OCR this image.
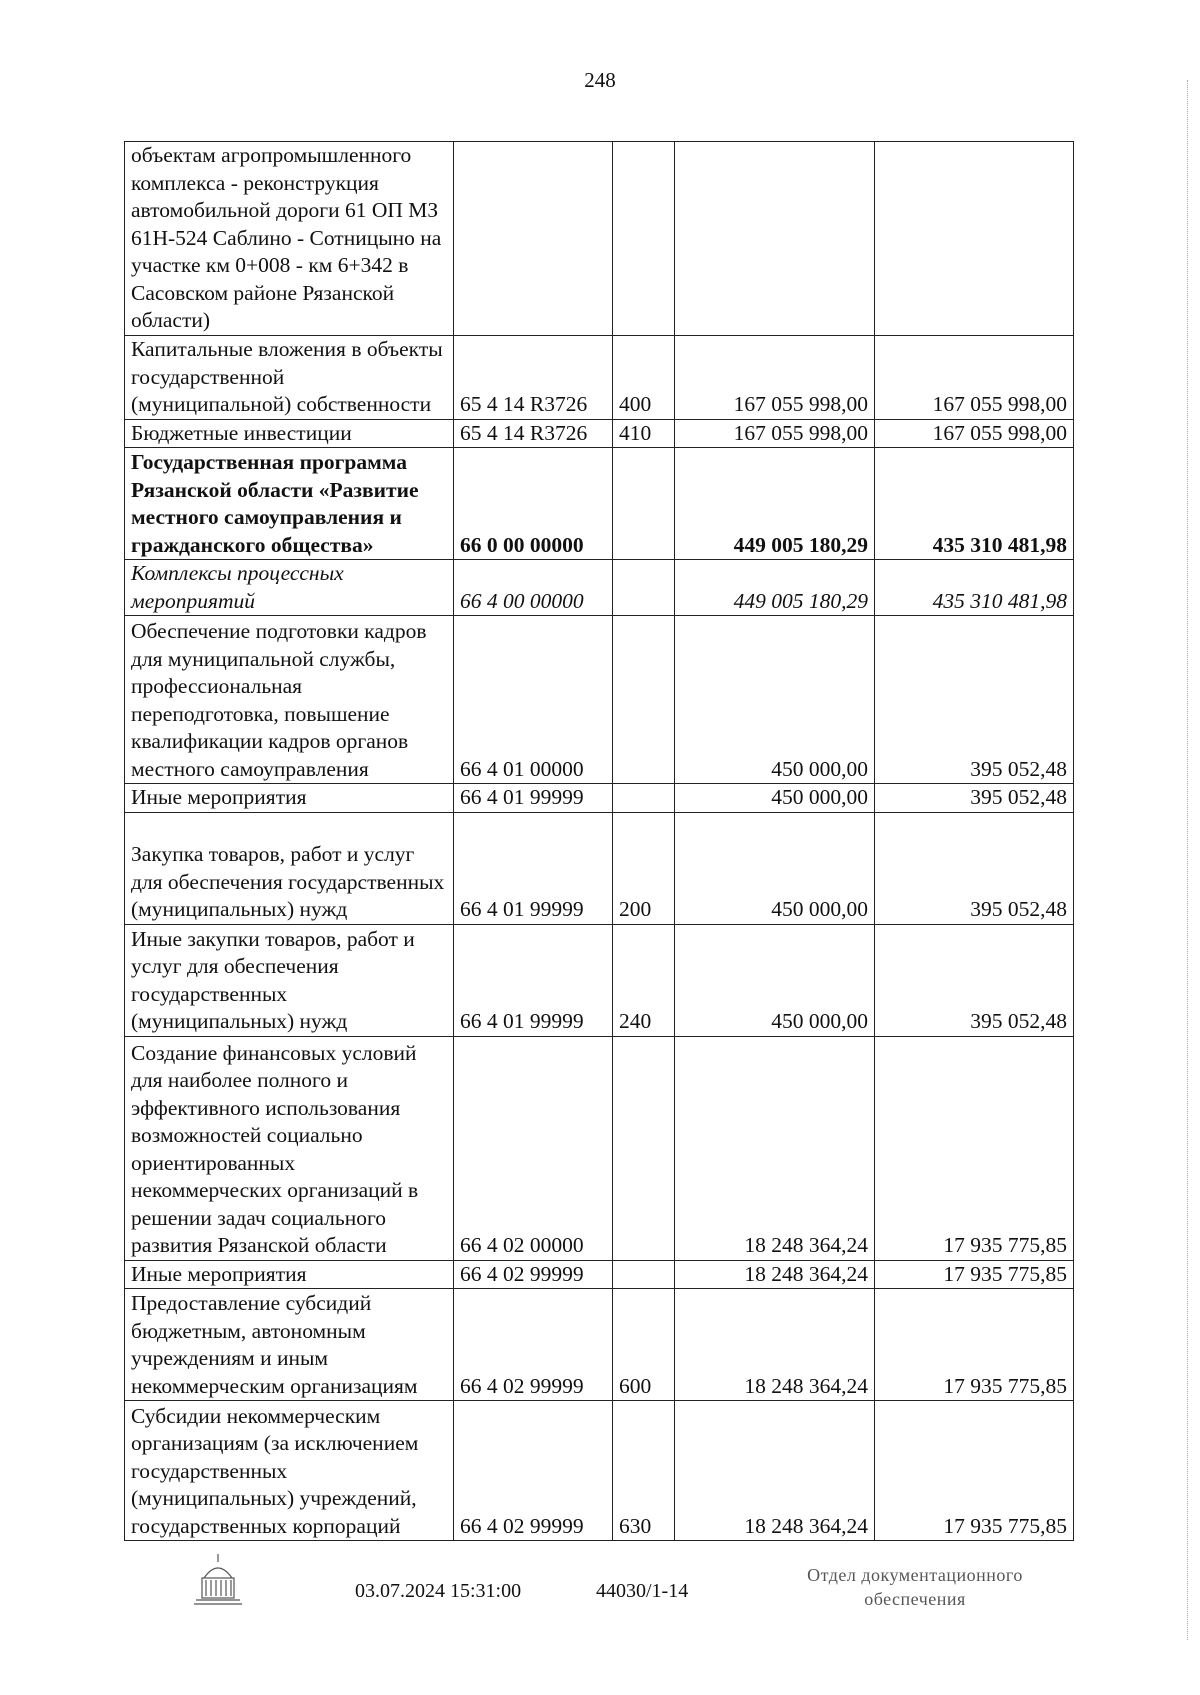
248
объектам агропромышленного комплекса - реконструкция автомобильной дороги 61 ОП МЗ 61Н-524 Саблино - Сотницыно на участке км 0+008 - км 6+342 в Сасовском районе Рязанской области)				
Капитальные вложения в объекты государственной (муниципальной) собственности	65 4 14 R3726	400	167 055 998,00	167 055 998,00
Бюджетные инвестиции	65 4 14 R3726	410	167 055 998,00	167 055 998,00
Государственная программа Рязанской области «Развитие местного самоуправления и гражданского общества»	66 0 00 00000		449 005 180,29	435 310 481,98
Комплексы процессных мероприятий	66 4 00 00000		449 005 180,29	435 310 481,98
Обеспечение подготовки кадров для муниципальной службы, профессиональная переподготовка, повышение квалификации кадров органов местного самоуправления	66 4 01 00000		450 000,00	395 052,48
Иные мероприятия	66 4 01 99999		450 000,00	395 052,48
Закупка товаров, работ и услуг для обеспечения государственных (муниципальных) нужд	66 4 01 99999	200	450 000,00	395 052,48
Иные закупки товаров, работ и услуг для обеспечения государственных (муниципальных) нужд	66 4 01 99999	240	450 000,00	395 052,48
Создание финансовых условий для наиболее полного и эффективного использования возможностей социально ориентированных некоммерческих организаций в решении задач социального развития Рязанской области	66 4 02 00000		18 248 364,24	17 935 775,85
Иные мероприятия	66 4 02 99999		18 248 364,24	17 935 775,85
Предоставление субсидий бюджетным, автономным учреждениям и иным некоммерческим организациям	66 4 02 99999	600	18 248 364,24	17 935 775,85
Субсидии некоммерческим организациям (за исключением государственных (муниципальных) учреждений, государственных корпораций	66 4 02 99999	630	18 248 364,24	17 935 775,85
03.07.2024 15:31:00	44030/1-14
Отдел документационного
обеспечения
